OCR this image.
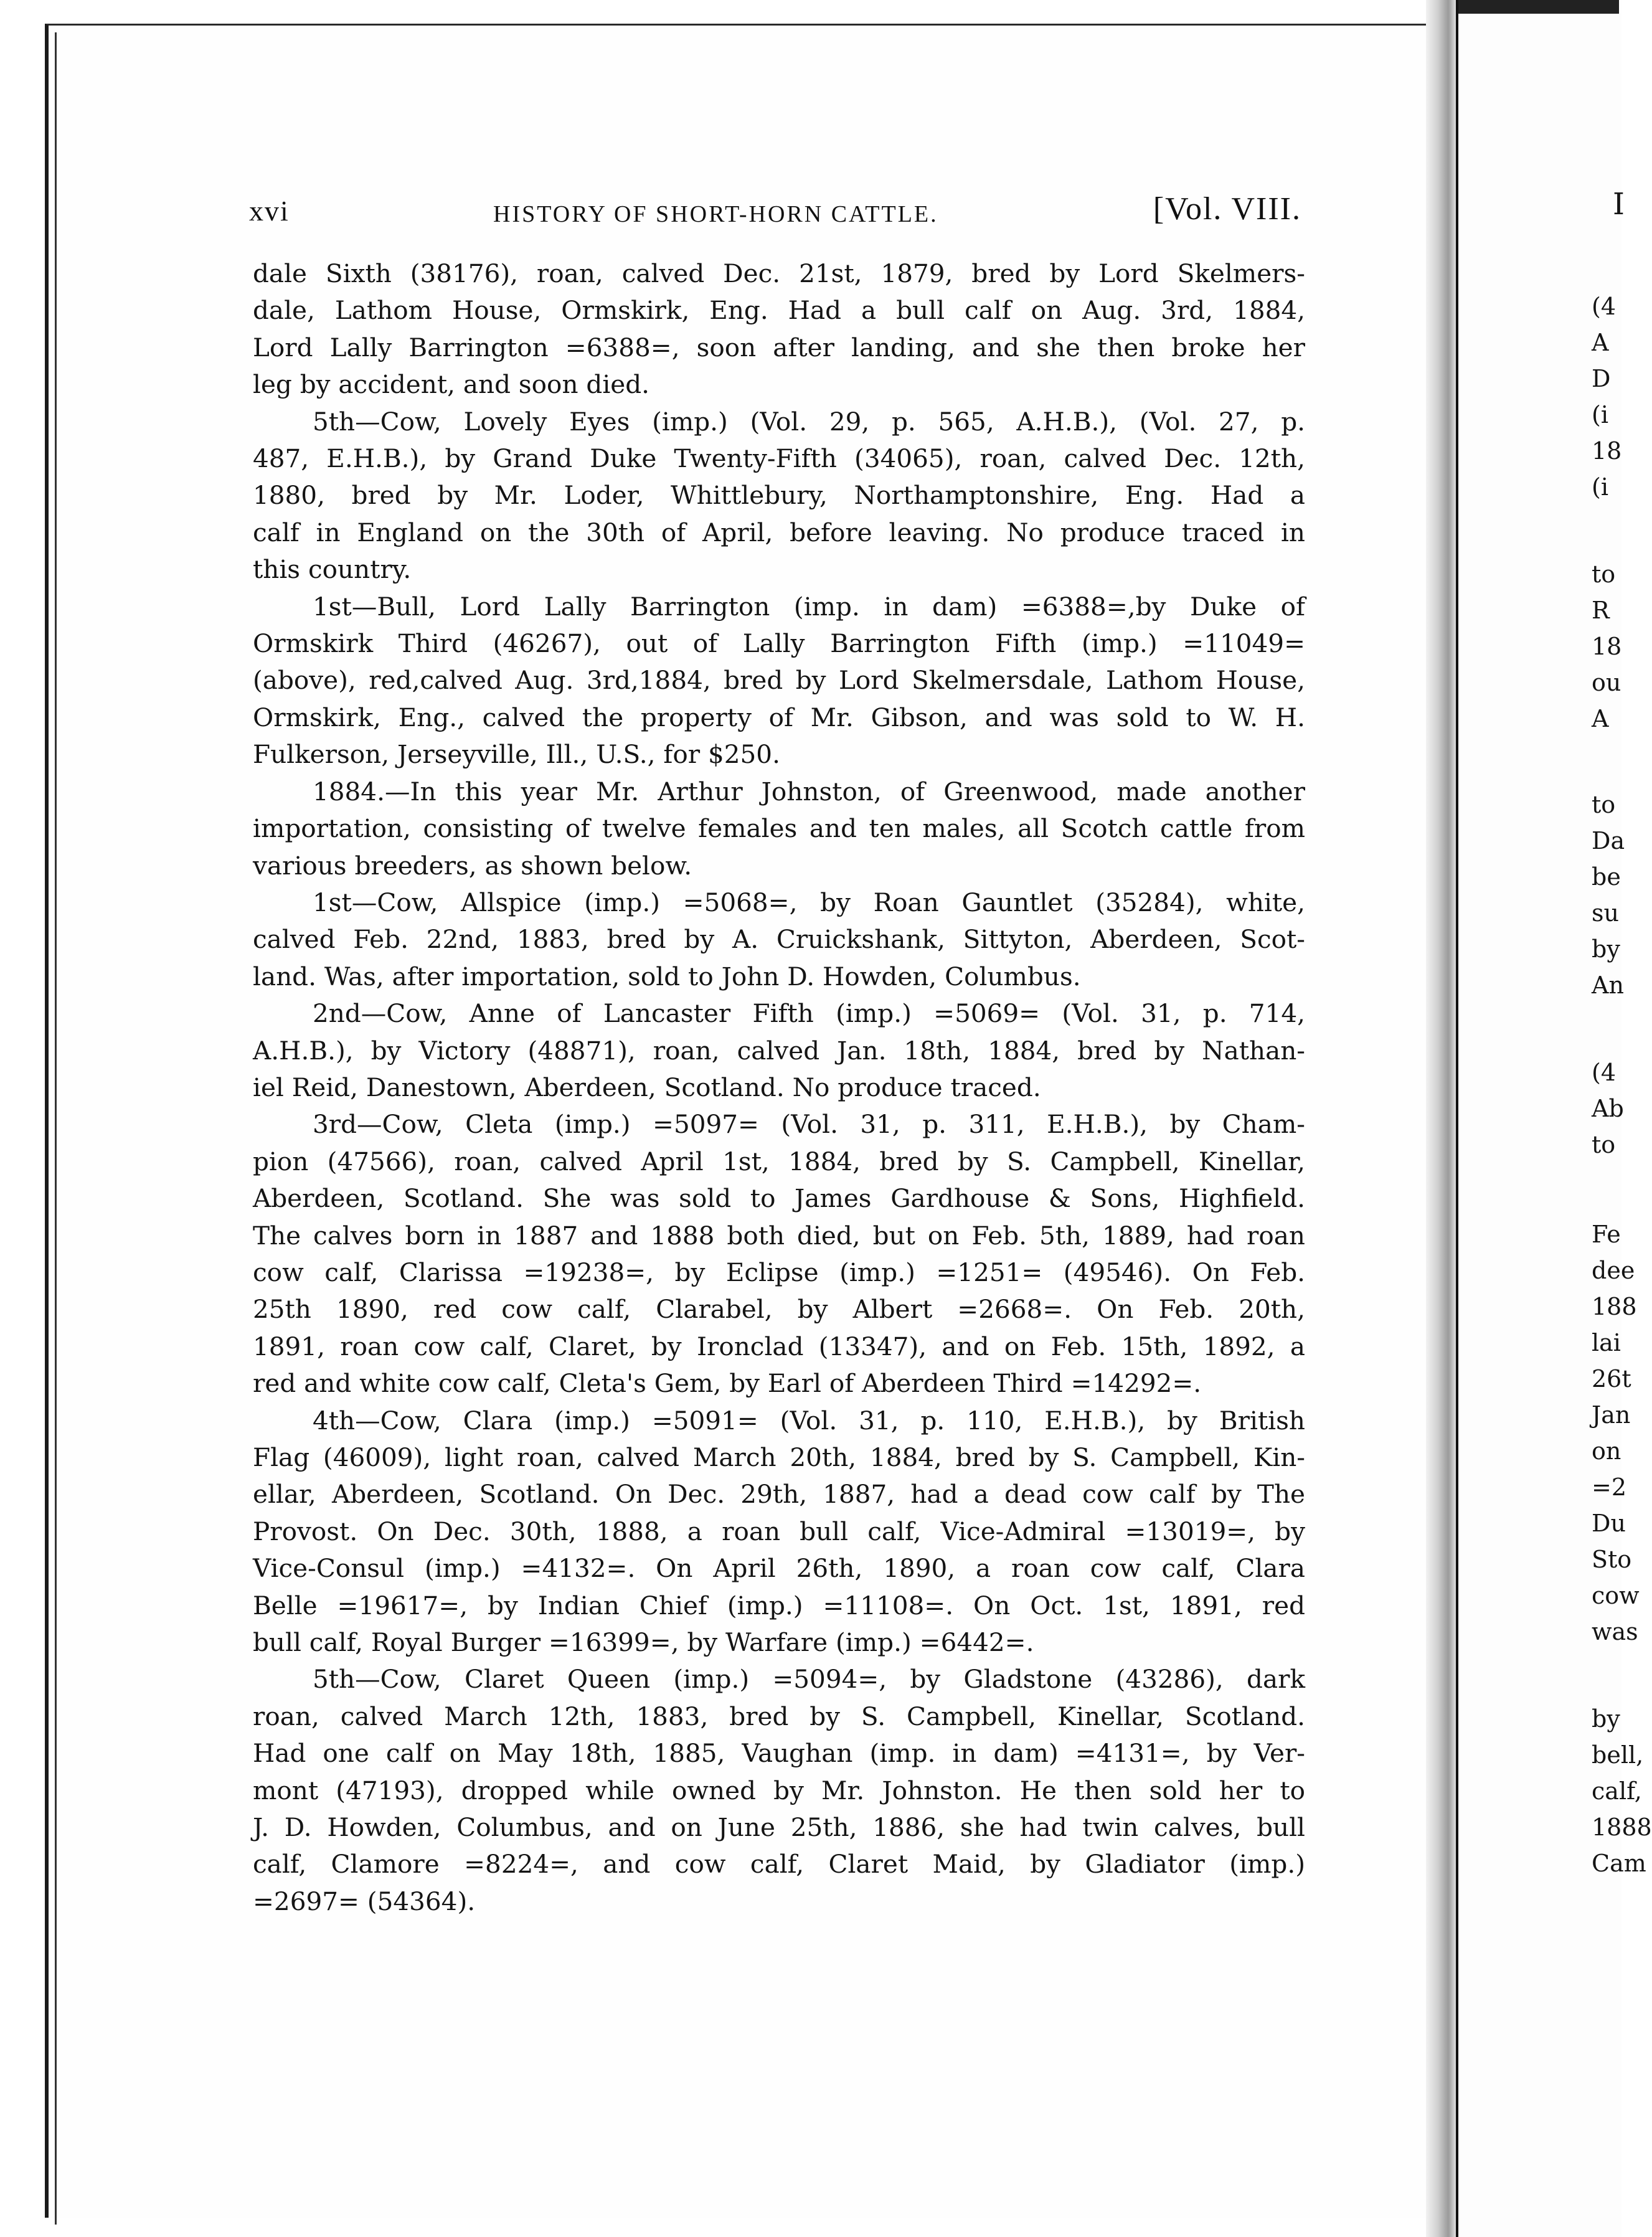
xvi	HISTORY OF SHORT-HORN CATTLE.	[Vol. VIII.

dale Sixth (38176), roan, calved Dec. 21st, 1879, bred by Lord Skelmers-
dale, Lathom House, Ormskirk, Eng. Had a bull calf on Aug. 3rd, 1884,
Lord Lally Barrington =6388=, soon after landing, and she then broke her
leg by accident, and soon died.

5th—Cow, Lovely Eyes (imp.) (Vol. 29, p. 565, A.H.B.), (Vol. 27, p.
487, E.H.B.), by Grand Duke Twenty-Fifth (34065), roan, calved Dec. 12th,
1880, bred by Mr. Loder, Whittlebury, Northamptonshire, Eng. Had a
calf in England on the 30th of April, before leaving. No produce traced in
this country.

1st—Bull, Lord Lally Barrington (imp. in dam) =6388=,by Duke of
Ormskirk Third (46267), out of Lally Barrington Fifth (imp.) =11049=
(above), red,calved Aug. 3rd,1884, bred by Lord Skelmersdale, Lathom House,
Ormskirk, Eng., calved the property of Mr. Gibson, and was sold to W. H.
Fulkerson, Jerseyville, Ill., U.S., for $250.

1884.—In this year Mr. Arthur Johnston, of Greenwood, made another
importation, consisting of twelve females and ten males, all Scotch cattle from
various breeders, as shown below.

1st—Cow, Allspice (imp.) =5068=, by Roan Gauntlet (35284), white,
calved Feb. 22nd, 1883, bred by A. Cruickshank, Sittyton, Aberdeen, Scot-
land. Was, after importation, sold to John D. Howden, Columbus.

2nd—Cow, Anne of Lancaster Fifth (imp.) =5069= (Vol. 31, p. 714,
A.H.B.), by Victory (48871), roan, calved Jan. 18th, 1884, bred by Nathan-
iel Reid, Danestown, Aberdeen, Scotland. No produce traced.

3rd—Cow, Cleta (imp.) =5097= (Vol. 31, p. 311, E.H.B.), by Cham-
pion (47566), roan, calved April 1st, 1884, bred by S. Campbell, Kinellar,
Aberdeen, Scotland. She was sold to James Gardhouse & Sons, Highfield.
The calves born in 1887 and 1888 both died, but on Feb. 5th, 1889, had roan
cow calf, Clarissa =19238=, by Eclipse (imp.) =1251= (49546). On Feb.
25th 1890, red cow calf, Clarabel, by Albert =2668=. On Feb. 20th,
1891, roan cow calf, Claret, by Ironclad (13347), and on Feb. 15th, 1892, a
red and white cow calf, Cleta's Gem, by Earl of Aberdeen Third =14292=.

4th—Cow, Clara (imp.) =5091= (Vol. 31, p. 110, E.H.B.), by British
Flag (46009), light roan, calved March 20th, 1884, bred by S. Campbell, Kin-
ellar, Aberdeen, Scotland. On Dec. 29th, 1887, had a dead cow calf by The
Provost. On Dec. 30th, 1888, a roan bull calf, Vice-Admiral =13019=, by
Vice-Consul (imp.) =4132=. On April 26th, 1890, a roan cow calf, Clara
Belle =19617=, by Indian Chief (imp.) =11108=. On Oct. 1st, 1891, red
bull calf, Royal Burger =16399=, by Warfare (imp.) =6442=.

5th—Cow, Claret Queen (imp.) =5094=, by Gladstone (43286), dark
roan, calved March 12th, 1883, bred by S. Campbell, Kinellar, Scotland.
Had one calf on May 18th, 1885, Vaughan (imp. in dam) =4131=, by Ver-
mont (47193), dropped while owned by Mr. Johnston. He then sold her to
J. D. Howden, Columbus, and on June 25th, 1886, she had twin calves, bull
calf, Clamore =8224=, and cow calf, Claret Maid, by Gladiator (imp.)
=2697= (54364).

I
(4
A
D
(i
18
(i
to
R
18
ou
A
to
Da
be
su
by
An
(4
Ab
to
Fe
dee
188
lai
26t
Jan
on
=2
Du
Sto
cow
was
by
bell,
calf,
1888
Cam
